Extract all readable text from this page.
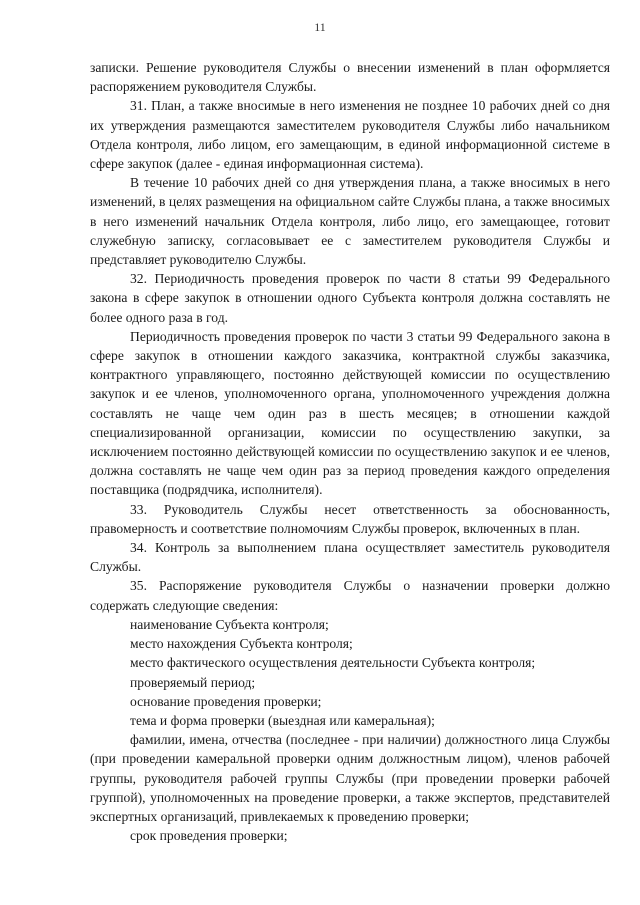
11

записки. Решение руководителя Службы о внесении изменений в план оформляется распоряжением руководителя Службы.

31. План, а также вносимые в него изменения не позднее 10 рабочих дней со дня их утверждения размещаются заместителем руководителя Службы либо начальником Отдела контроля, либо лицом, его замещающим, в единой информационной системе в сфере закупок (далее - единая информационная система).

В течение 10 рабочих дней со дня утверждения плана, а также вносимых в него изменений, в целях размещения на официальном сайте Службы плана, а также вносимых в него изменений начальник Отдела контроля, либо лицо, его замещающее, готовит служебную записку, согласовывает ее с заместителем руководителя Службы и представляет руководителю Службы.

32. Периодичность проведения проверок по части 8 статьи 99 Федерального закона в сфере закупок в отношении одного Субъекта контроля должна составлять не более одного раза в год.

Периодичность проведения проверок по части 3 статьи 99 Федерального закона в сфере закупок в отношении каждого заказчика, контрактной службы заказчика, контрактного управляющего, постоянно действующей комиссии по осуществлению закупок и ее членов, уполномоченного органа, уполномоченного учреждения должна составлять не чаще чем один раз в шесть месяцев; в отношении каждой специализированной организации, комиссии по осуществлению закупки, за исключением постоянно действующей комиссии по осуществлению закупок и ее членов, должна составлять не чаще чем один раз за период проведения каждого определения поставщика (подрядчика, исполнителя).

33. Руководитель Службы несет ответственность за обоснованность, правомерность и соответствие полномочиям Службы проверок, включенных в план.

34. Контроль за выполнением плана осуществляет заместитель руководителя Службы.

35. Распоряжение руководителя Службы о назначении проверки должно содержать следующие сведения:

наименование Субъекта контроля;

место нахождения Субъекта контроля;

место фактического осуществления деятельности Субъекта контроля;

проверяемый период;

основание проведения проверки;

тема и форма проверки (выездная или камеральная);

фамилии, имена, отчества (последнее - при наличии) должностного лица Службы (при проведении камеральной проверки одним должностным лицом), членов рабочей группы, руководителя рабочей группы Службы (при проведении проверки рабочей группой), уполномоченных на проведение проверки, а также экспертов, представителей экспертных организаций, привлекаемых к проведению проверки;

срок проведения проверки;
